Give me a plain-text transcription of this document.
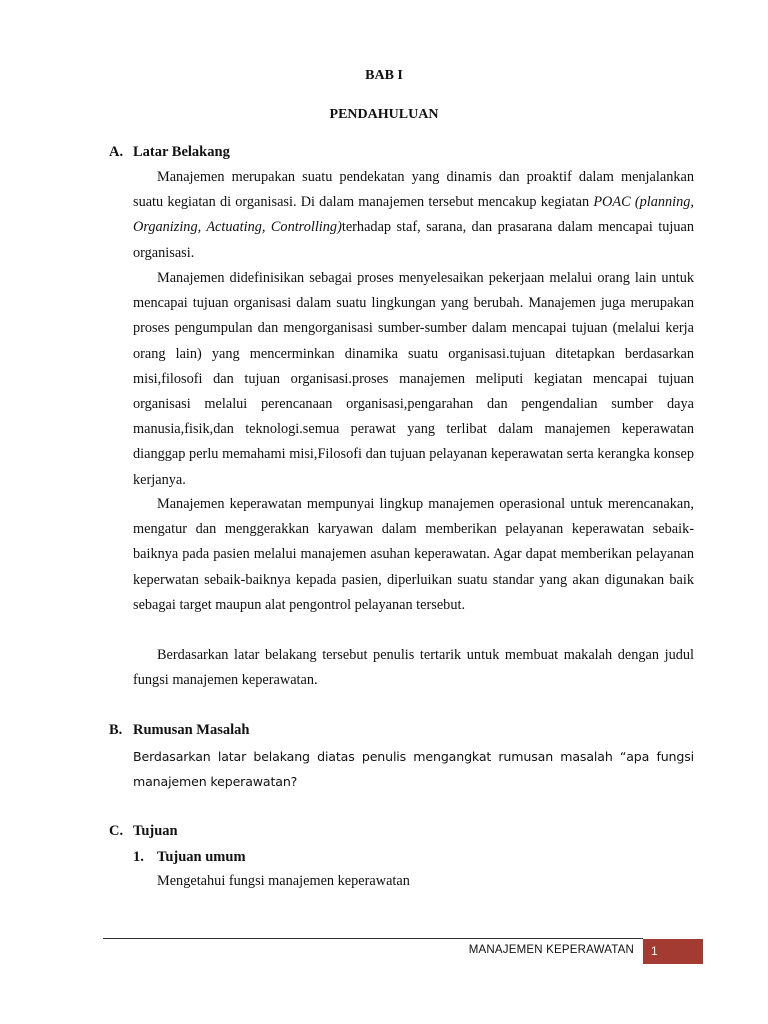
BAB I

PENDAHULUAN

A. Latar Belakang

Manajemen merupakan suatu pendekatan yang dinamis dan proaktif dalam menjalankan suatu kegiatan di organisasi. Di dalam manajemen tersebut mencakup kegiatan POAC (planning, Organizing, Actuating, Controlling)terhadap staf, sarana, dan prasarana dalam mencapai tujuan organisasi.

Manajemen didefinisikan sebagai proses menyelesaikan pekerjaan melalui orang lain untuk mencapai tujuan organisasi dalam suatu lingkungan yang berubah. Manajemen juga merupakan proses pengumpulan dan mengorganisasi sumber-sumber dalam mencapai tujuan (melalui kerja orang lain) yang mencerminkan dinamika suatu organisasi.tujuan ditetapkan berdasarkan misi,filosofi dan tujuan organisasi.proses manajemen meliputi kegiatan mencapai tujuan organisasi melalui perencanaan organisasi,pengarahan dan pengendalian sumber daya manusia,fisik,dan teknologi.semua perawat yang terlibat dalam manajemen keperawatan dianggap perlu memahami misi,Filosofi dan tujuan pelayanan keperawatan serta kerangka konsep kerjanya.

Manajemen keperawatan mempunyai lingkup manajemen operasional untuk merencanakan, mengatur dan menggerakkan karyawan dalam memberikan pelayanan keperawatan sebaik-baiknya pada pasien melalui manajemen asuhan keperawatan. Agar dapat memberikan pelayanan keperwatan sebaik-baiknya kepada pasien, diperluikan suatu standar yang akan digunakan baik sebagai target maupun alat pengontrol pelayanan tersebut.

Berdasarkan latar belakang tersebut penulis tertarik untuk membuat makalah dengan judul fungsi manajemen keperawatan.

B. Rumusan Masalah

Berdasarkan latar belakang diatas penulis mengangkat rumusan masalah “apa fungsi manajemen keperawatan?

C. Tujuan

1. Tujuan umum

Mengetahui fungsi manajemen keperawatan

MANAJEMEN KEPERAWATAN	1
